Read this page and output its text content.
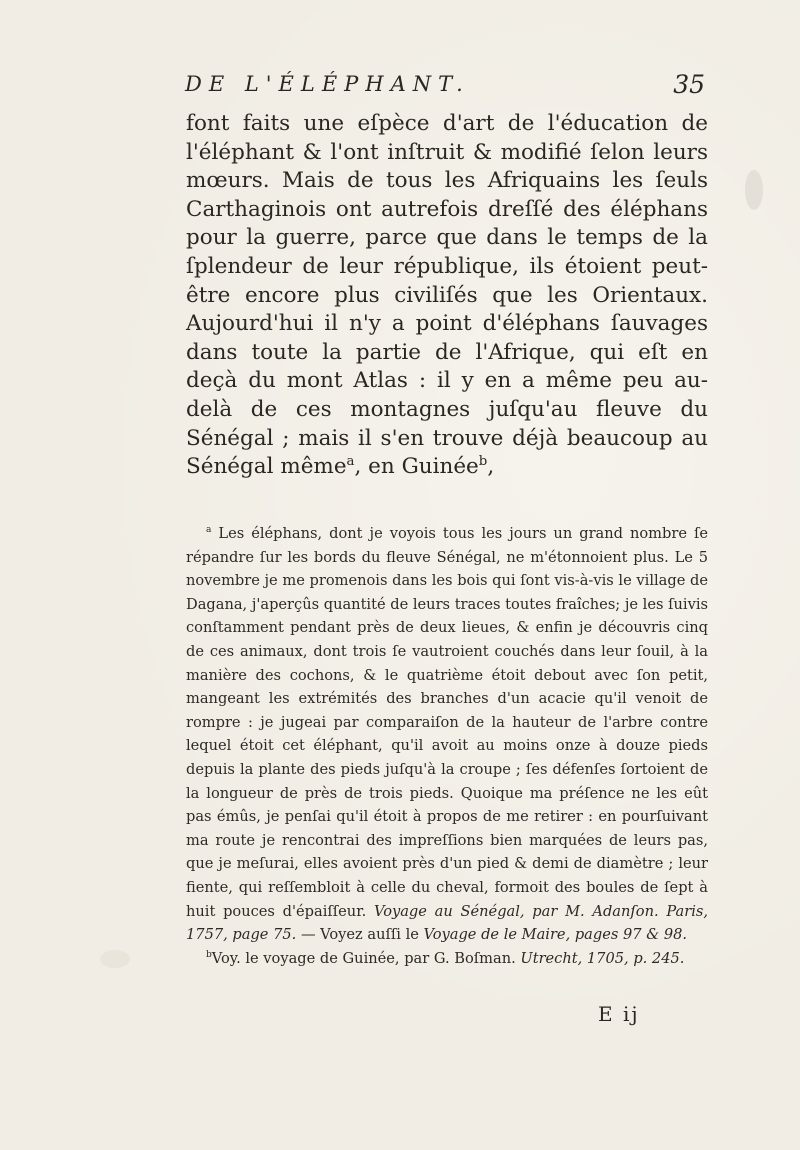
DE L'ÉLÉPHANT.	35

font faits une eſpèce d'art de l'éducation de l'éléphant & l'ont inſtruit & modifié ſelon leurs mœurs. Mais de tous les Afriquains les ſeuls Carthaginois ont autrefois dreſſé des éléphans pour la guerre, parce que dans le temps de la ſplendeur de leur république, ils étoient peut-être encore plus civiliſés que les Orientaux. Aujourd'hui il n'y a point d'éléphans ſauvages dans toute la partie de l'Afrique, qui eſt en deçà du mont Atlas : il y en a même peu au-delà de ces montagnes juſqu'au fleuve du Sénégal ; mais il s'en trouve déjà beaucoup au Sénégal même$^a$, en Guinée$^b$,

$^a$ Les éléphans, dont je voyois tous les jours un grand nombre ſe répandre ſur les bords du fleuve Sénégal, ne m'étonnoient plus. Le 5 novembre je me promenois dans les bois qui ſont vis-à-vis le village de Dagana, j'aperçûs quantité de leurs traces toutes fraîches; je les ſuivis conſtamment pendant près de deux lieues, & enfin je découvris cinq de ces animaux, dont trois ſe vautroient couchés dans leur ſouil, à la manière des cochons, & le quatrième étoit debout avec ſon petit, mangeant les extrémités des branches d'un acacie qu'il venoit de rompre : je jugeai par comparaiſon de la hauteur de l'arbre contre lequel étoit cet éléphant, qu'il avoit au moins onze à douze pieds depuis la plante des pieds juſqu'à la croupe ; ſes défenſes ſortoient de la longueur de près de trois pieds. Quoique ma préſence ne les eût pas émûs, je penſai qu'il étoit à propos de me retirer : en pourſuivant ma route je rencontrai des impreſſions bien marquées de leurs pas, que je meſurai, elles avoient près d'un pied & demi de diamètre ; leur fiente, qui reſſembloit à celle du cheval, formoit des boules de ſept à huit pouces d'épaiſſeur. Voyage au Sénégal, par M. Adanſon. Paris, 1757, page 75. — Voyez auſſi le Voyage de le Maire, pages 97 & 98.

$^b$Voy. le voyage de Guinée, par G. Boſman. Utrecht, 1705, p. 245.

E ij
